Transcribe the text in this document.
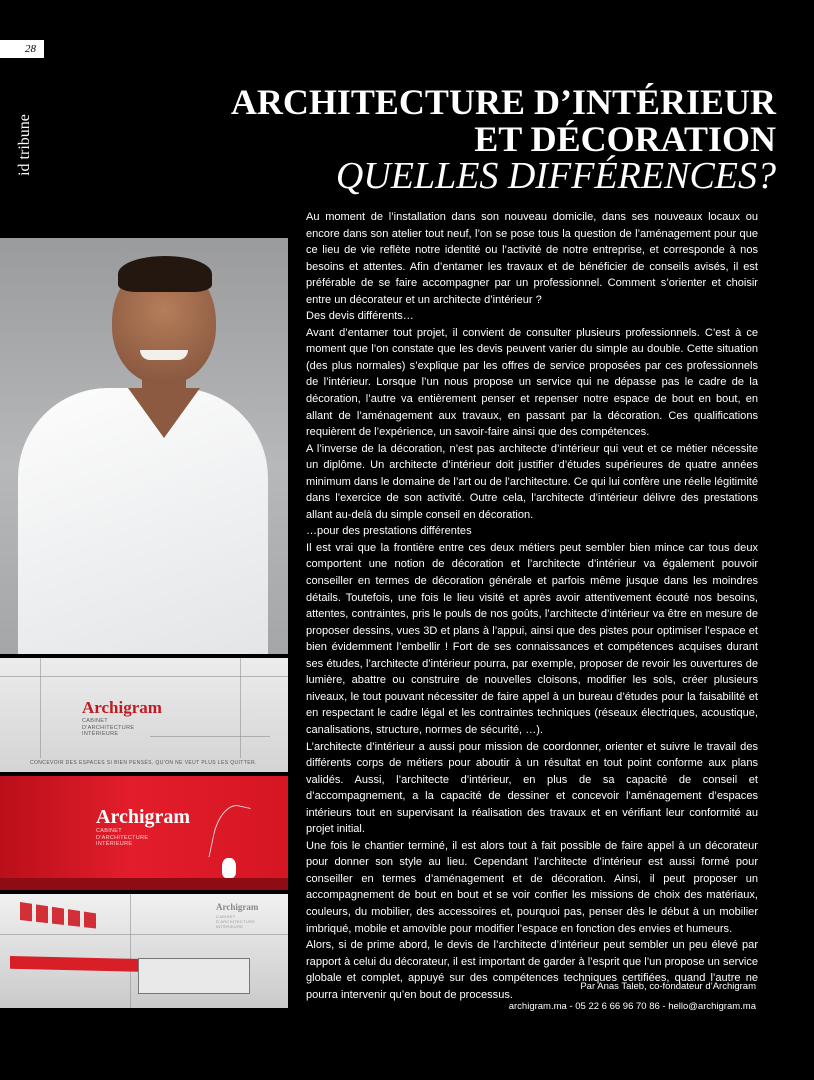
28
id tribune
ARCHITECTURE D’INTÉRIEUR
ET DÉCORATION

QUELLES DIFFÉRENCES?
Archigram
CABINET
D'ARCHITECTURE
INTÉRIEURE
CONCEVOIR DES ESPACES SI BIEN PENSÉS, QU'ON NE VEUT PLUS LES QUITTER.
Archigram
CABINET
D'ARCHITECTURE
INTÉRIEURE
Archigram
CABINET
D'ARCHITECTURE
INTÉRIEURE

Au moment de l’installation dans son nouveau domicile, dans ses nouveaux locaux ou encore dans son atelier tout neuf, l’on se pose tous la question de l’aménagement pour que ce lieu de vie reflète notre identité ou l’activité de notre entreprise, et corresponde à nos besoins et attentes. Afin d’entamer les travaux et de bénéficier de conseils avisés, il est préférable de se faire accompagner par un professionnel. Comment s’orienter et choisir entre un décorateur et un architecte d’intérieur ?

Des devis différents…

Avant d’entamer tout projet, il convient de consulter plusieurs professionnels. C’est à ce moment que l’on constate que les devis peuvent varier du simple au double. Cette situation (des plus normales) s’explique par les offres de service proposées par ces professionnels de l’intérieur. Lorsque l’un nous propose un service qui ne dépasse pas le cadre de la décoration, l’autre va entièrement penser et repenser notre espace de bout en bout, en allant de l’aménagement aux travaux, en passant par la décoration. Ces qualifications requièrent de l’expérience, un savoir-faire ainsi que des compétences.

A l’inverse de la décoration, n’est pas architecte d’intérieur qui veut et ce métier nécessite un diplôme. Un architecte d’intérieur doit justifier d’études supérieures de quatre années minimum dans le domaine de l’art ou de l’architecture. Ce qui lui confère une réelle légitimité dans l’exercice de son activité. Outre cela, l’architecte d’intérieur délivre des prestations allant au-delà du simple conseil en décoration.

…pour des prestations différentes

Il est vrai que la frontière entre ces deux métiers peut sembler bien mince car tous deux comportent une notion de décoration et l’architecte d’intérieur va également pouvoir conseiller en termes de décoration générale et parfois même jusque dans les moindres détails. Toutefois, une fois le lieu visité et après avoir attentivement écouté nos besoins, attentes, contraintes, pris le pouls de nos goûts, l’architecte d’intérieur va être en mesure de proposer dessins, vues 3D et plans à l’appui, ainsi que des pistes pour optimiser l’espace et bien évidemment l’embellir ! Fort de ses connaissances et compétences acquises durant ses études, l’architecte d’intérieur pourra, par exemple, proposer de revoir les ouvertures de lumière, abattre ou construire de nouvelles cloisons, modifier les sols, créer plusieurs niveaux, le tout pouvant nécessiter de faire appel à un bureau d’études pour la faisabilité et en respectant le cadre légal et les contraintes techniques (réseaux électriques, acoustique, canalisations, structure, normes de sécurité, …).

L’architecte d’intérieur a aussi pour mission de coordonner, orienter et suivre le travail des différents corps de métiers pour aboutir à un résultat en tout point conforme aux plans validés. Aussi, l’architecte d’intérieur, en plus de sa capacité de conseil et d’accompagnement, a la capacité de dessiner et concevoir l’aménagement d’espaces intérieurs tout en supervisant la réalisation des travaux et en vérifiant leur conformité au projet initial.

Une fois le chantier terminé, il est alors tout à fait possible de faire appel à un décorateur pour donner son style au lieu. Cependant l’architecte d’intérieur est aussi formé pour conseiller en termes d’aménagement et de décoration. Ainsi, il peut proposer un accompagnement de bout en bout et se voir confier les missions de choix des matériaux, couleurs, du mobilier, des accessoires et, pourquoi pas, penser dès le début à un mobilier imbriqué, mobile et amovible pour modifier l’espace en fonction des envies et humeurs.

Alors, si de prime abord, le devis de l’architecte d’intérieur peut sembler un peu élevé par rapport à celui du décorateur, il est important de garder à l’esprit que l’un propose un service globale et complet, appuyé sur des compétences techniques certifiées, quand l’autre ne pourra intervenir qu’en bout de processus.

Par Anas Taleb, co-fondateur d’Archigram
archigram.ma - 05 22 6 66 96 70 86 - hello@archigram.ma
